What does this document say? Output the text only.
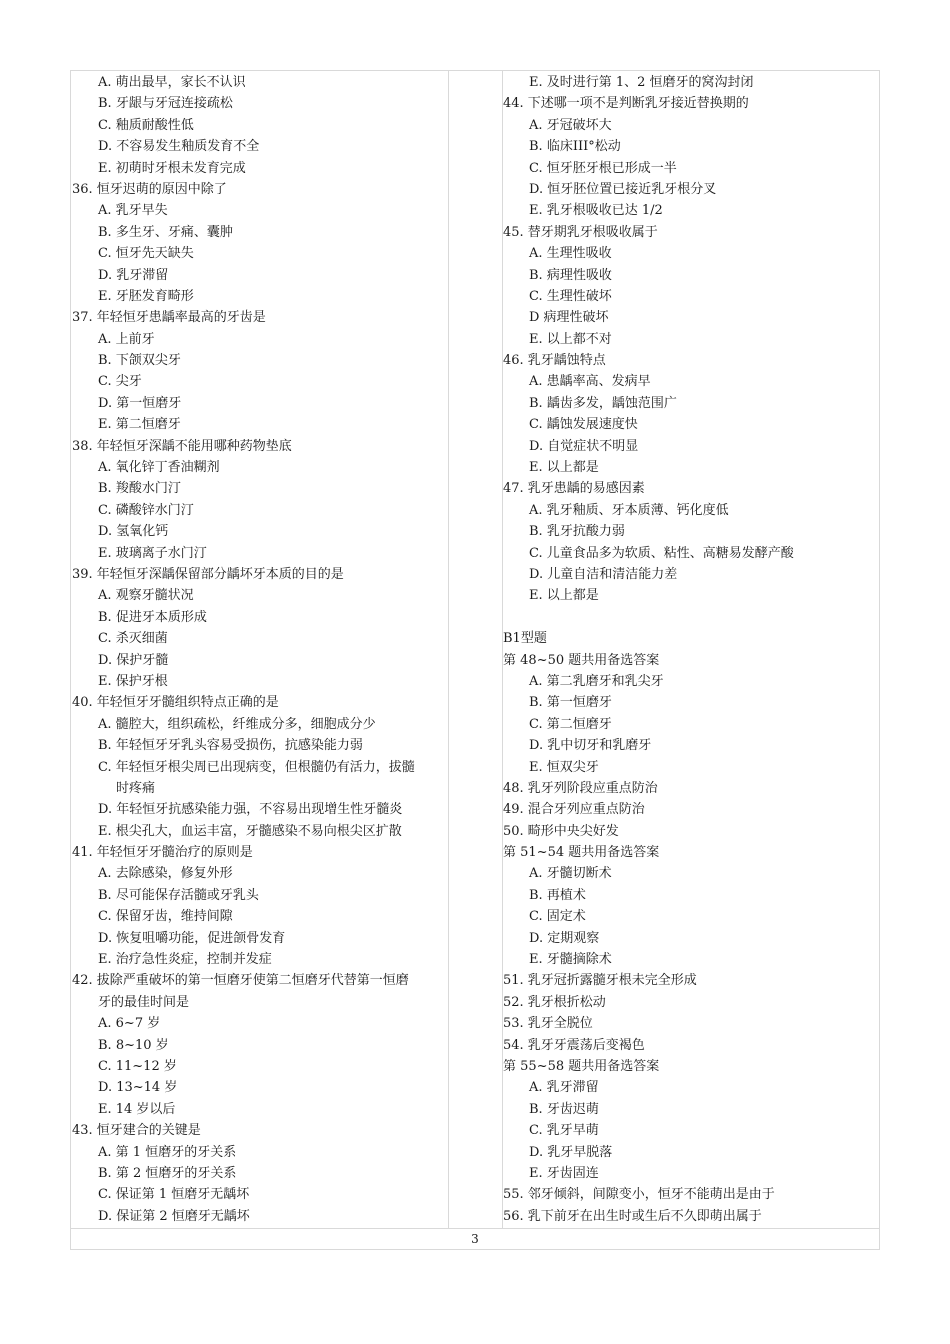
A. 萌出最早，家长不认识
B. 牙龈与牙冠连接疏松
C. 釉质耐酸性低
D. 不容易发生釉质发育不全
E. 初萌时牙根未发育完成
36. 恒牙迟萌的原因中除了
A. 乳牙早失
B. 多生牙、牙痛、囊肿
C. 恒牙先天缺失
D. 乳牙滞留
E. 牙胚发育畸形
37. 年轻恒牙患龋率最高的牙齿是
A. 上前牙
B. 下颌双尖牙
C. 尖牙
D. 第一恒磨牙
E. 第二恒磨牙
38. 年轻恒牙深龋不能用哪种药物垫底
A. 氧化锌丁香油糊剂
B. 羧酸水门汀
C. 磷酸锌水门汀
D. 氢氧化钙
E. 玻璃离子水门汀
39. 年轻恒牙深龋保留部分龋坏牙本质的目的是
A. 观察牙髓状况
B. 促进牙本质形成
C. 杀灭细菌
D. 保护牙髓
E. 保护牙根
40. 年轻恒牙牙髓组织特点正确的是
A. 髓腔大，组织疏松，纤维成分多，细胞成分少
B. 年轻恒牙牙乳头容易受损伤，抗感染能力弱
C. 年轻恒牙根尖周已出现病变，但根髓仍有活力，拔髓
时疼痛
D. 年轻恒牙抗感染能力强，不容易出现增生性牙髓炎
E. 根尖孔大，血运丰富，牙髓感染不易向根尖区扩散
41. 年轻恒牙牙髓治疗的原则是
A. 去除感染，修复外形
B. 尽可能保存活髓或牙乳头
C. 保留牙齿，维持间隙
D. 恢复咀嚼功能，促进颌骨发育
E. 治疗急性炎症，控制并发症
42. 拔除严重破坏的第一恒磨牙使第二恒磨牙代替第一恒磨
牙的最佳时间是
A. 6~7 岁
B. 8~10 岁
C. 11~12 岁
D. 13~14 岁
E. 14 岁以后
43. 恒牙建合的关键是
A. 第 1 恒磨牙的牙关系
B. 第 2 恒磨牙的牙关系
C. 保证第 1 恒磨牙无龋坏
D. 保证第 2 恒磨牙无龋坏
E. 及时进行第 1、2 恒磨牙的窝沟封闭
44. 下述哪一项不是判断乳牙接近替换期的
A. 牙冠破坏大
B. 临床III°松动
C. 恒牙胚牙根已形成一半
D. 恒牙胚位置已接近乳牙根分叉
E. 乳牙根吸收已达 1/2
45. 替牙期乳牙根吸收属于
A. 生理性吸收
B. 病理性吸收
C. 生理性破坏
D 病理性破坏
E. 以上都不对
46. 乳牙龋蚀特点
A. 患龋率高、发病早
B. 龋齿多发，龋蚀范围广
C. 龋蚀发展速度快
D. 自觉症状不明显
E. 以上都是
47. 乳牙患龋的易感因素
A. 乳牙釉质、牙本质薄、钙化度低
B. 乳牙抗酸力弱
C. 儿童食品多为软质、粘性、高糖易发酵产酸
D. 儿童自洁和清洁能力差
E. 以上都是
B1型题
第 48~50 题共用备选答案
A. 第二乳磨牙和乳尖牙
B. 第一恒磨牙
C. 第二恒磨牙
D. 乳中切牙和乳磨牙
E. 恒双尖牙
48. 乳牙列阶段应重点防治
49. 混合牙列应重点防治
50. 畸形中央尖好发
第 51~54 题共用备选答案
A. 牙髓切断术
B. 再植术
C. 固定术
D. 定期观察
E. 牙髓摘除术
51. 乳牙冠折露髓牙根未完全形成
52. 乳牙根折松动
53. 乳牙全脱位
54. 乳牙牙震荡后变褐色
第 55~58 题共用备选答案
A. 乳牙滞留
B. 牙齿迟萌
C. 乳牙早萌
D. 乳牙早脱落
E. 牙齿固连
55. 邻牙倾斜，间隙变小，恒牙不能萌出是由于
56. 乳下前牙在出生时或生后不久即萌出属于
3
